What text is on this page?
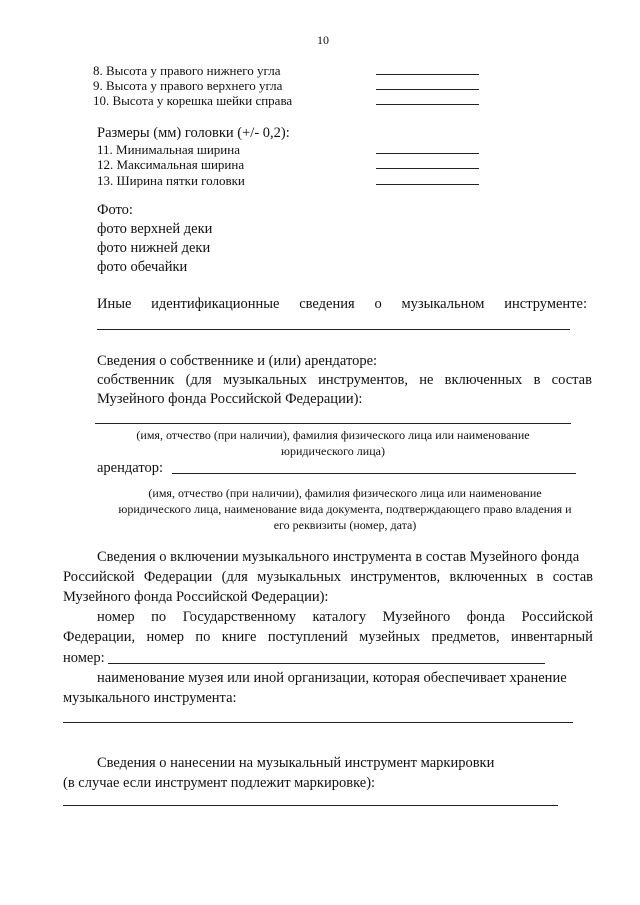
10
8. Высота у правого нижнего угла
9. Высота у правого верхнего угла
10. Высота у корешка шейки справа
Размеры (мм) головки (+/- 0,2):
11. Минимальная ширина
12. Максимальная ширина
13. Ширина пятки головки
Фото:
фото верхней деки
фото нижней деки
фото обечайки
Иные идентификационные сведения о музыкальном инструменте:
Сведения о собственнике и (или) арендаторе:
собственник (для музыкальных инструментов, не включенных в состав
Музейного фонда Российской Федерации):
(имя, отчество (при наличии), фамилия физического лица или наименование
юридического лица)
арендатор:
(имя, отчество (при наличии), фамилия физического лица или наименование
юридического лица, наименование вида документа, подтверждающего право владения и
его реквизиты (номер, дата)
Сведения о включении музыкального инструмента в состав Музейного фонда
Российской Федерации (для музыкальных инструментов, включенных в состав
Музейного фонда Российской Федерации):
номер по Государственному каталогу Музейного фонда Российской
Федерации, номер по книге поступлений музейных предметов, инвентарный
номер:
наименование музея или иной организации, которая обеспечивает хранение
музыкального инструмента:
Сведения о нанесении на музыкальный инструмент маркировки
(в случае если инструмент подлежит маркировке):
